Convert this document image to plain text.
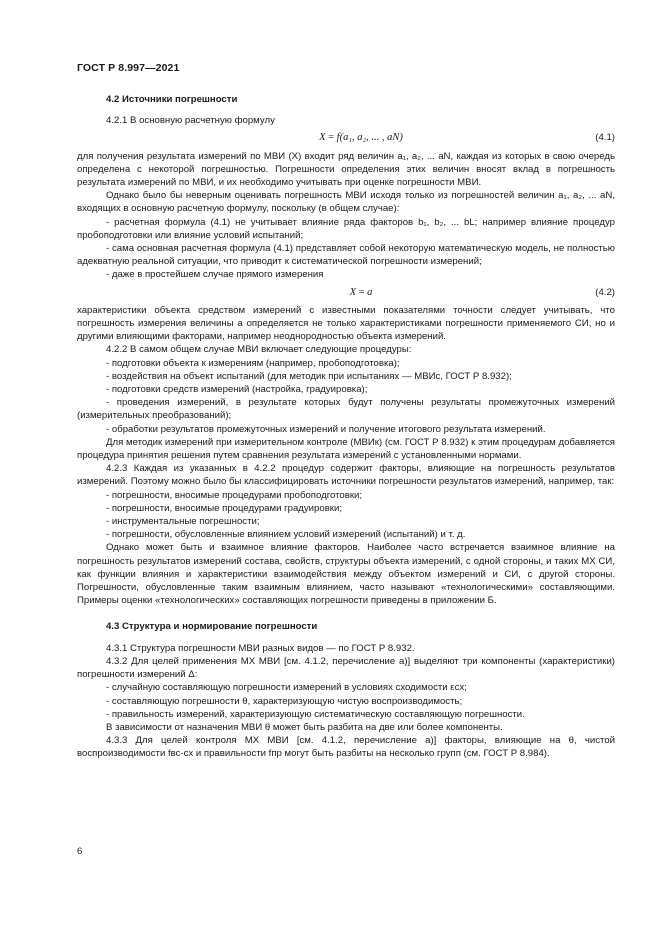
ГОСТ Р 8.997—2021
4.2 Источники погрешности

4.2.1 В основную расчетную формулу

X = f(a₁, a₂, ... , aN)	(4.1)

для получения результата измерений по МВИ (X) входит ряд величин a₁, a₂, ... aN, каждая из которых в свою очередь определена с некоторой погрешностью. Погрешности определения этих величин вносят вклад в погрешность результата измерений по МВИ, и их необходимо учитывать при оценке погрешности МВИ.

Однако было бы неверным оценивать погрешность МВИ исходя только из погрешностей величин a₁, a₂, ... aN, входящих в основную расчетную формулу, поскольку (в общем случае):

- расчетная формула (4.1) не учитывает влияние ряда факторов b₁, b₂, ... bL; например влияние процедур пробоподготовки или влияние условий испытаний;

- сама основная расчетная формула (4.1) представляет собой некоторую математическую модель, не полностью адекватную реальной ситуации, что приводит к систематической погрешности измерений;

- даже в простейшем случае прямого измерения

X = a	(4.2)

характеристики объекта средством измерений с известными показателями точности следует учитывать, что погрешность измерения величины a определяется не только характеристиками погрешности применяемого СИ, но и другими влияющими факторами, например неоднородностью объекта измерений.

4.2.2 В самом общем случае МВИ включает следующие процедуры:

- подготовки объекта к измерениям (например, пробоподготовка);

- воздействия на объект испытаний (для методик при испытаниях — МВИс, ГОСТ Р 8.932);

- подготовки средств измерений (настройка, градуировка);

- проведения измерений, в результате которых будут получены результаты промежуточных измерений (измерительных преобразований);

- обработки результатов промежуточных измерений и получение итогового результата измерений.

Для методик измерений при измерительном контроле (МВИк) (см. ГОСТ Р 8.932) к этим процедурам добавляется процедура принятия решения путем сравнения результата измерений с установленными нормами.

4.2.3 Каждая из указанных в 4.2.2 процедур содержит факторы, влияющие на погрешность результатов измерений. Поэтому можно было бы классифицировать источники погрешности результатов измерений, например, так:

- погрешности, вносимые процедурами пробоподготовки;

- погрешности, вносимые процедурами градуировки;

- инструментальные погрешности;

- погрешности, обусловленные влиянием условий измерений (испытаний) и т. д.

Однако может быть и взаимное влияние факторов. Наиболее часто встречается взаимное влияние на погрешность результатов измерений состава, свойств, структуры объекта измерений, с одной стороны, и таких МХ СИ, как функции влияния и характеристики взаимодействия между объектом измерений и СИ, с другой стороны. Погрешности, обусловленные таким взаимным влиянием, часто называют «технологическими» составляющими. Примеры оценки «технологических» составляющих погрешности приведены в приложении Б.

4.3 Структура и нормирование погрешности

4.3.1 Структура погрешности МВИ разных видов — по ГОСТ Р 8.932.

4.3.2 Для целей применения МХ МВИ [см. 4.1.2, перечисление а)] выделяют три компоненты (характеристики) погрешности измерений Δ:

- случайную составляющую погрешности измерений в условиях сходимости εсх;

- составляющую погрешности θ, характеризующую чистую воспроизводимость;

- правильность измерений, характеризующую систематическую составляющую погрешности.

В зависимости от назначения МВИ θ может быть разбита на две или более компоненты.

4.3.3 Для целей контроля МХ МВИ [см. 4.1.2, перечисление а)] факторы, влияющие на θ, чистой воспроизводимости fвс-сх и правильности fпр могут быть разбиты на несколько групп (см. ГОСТ Р 8.984).

6
